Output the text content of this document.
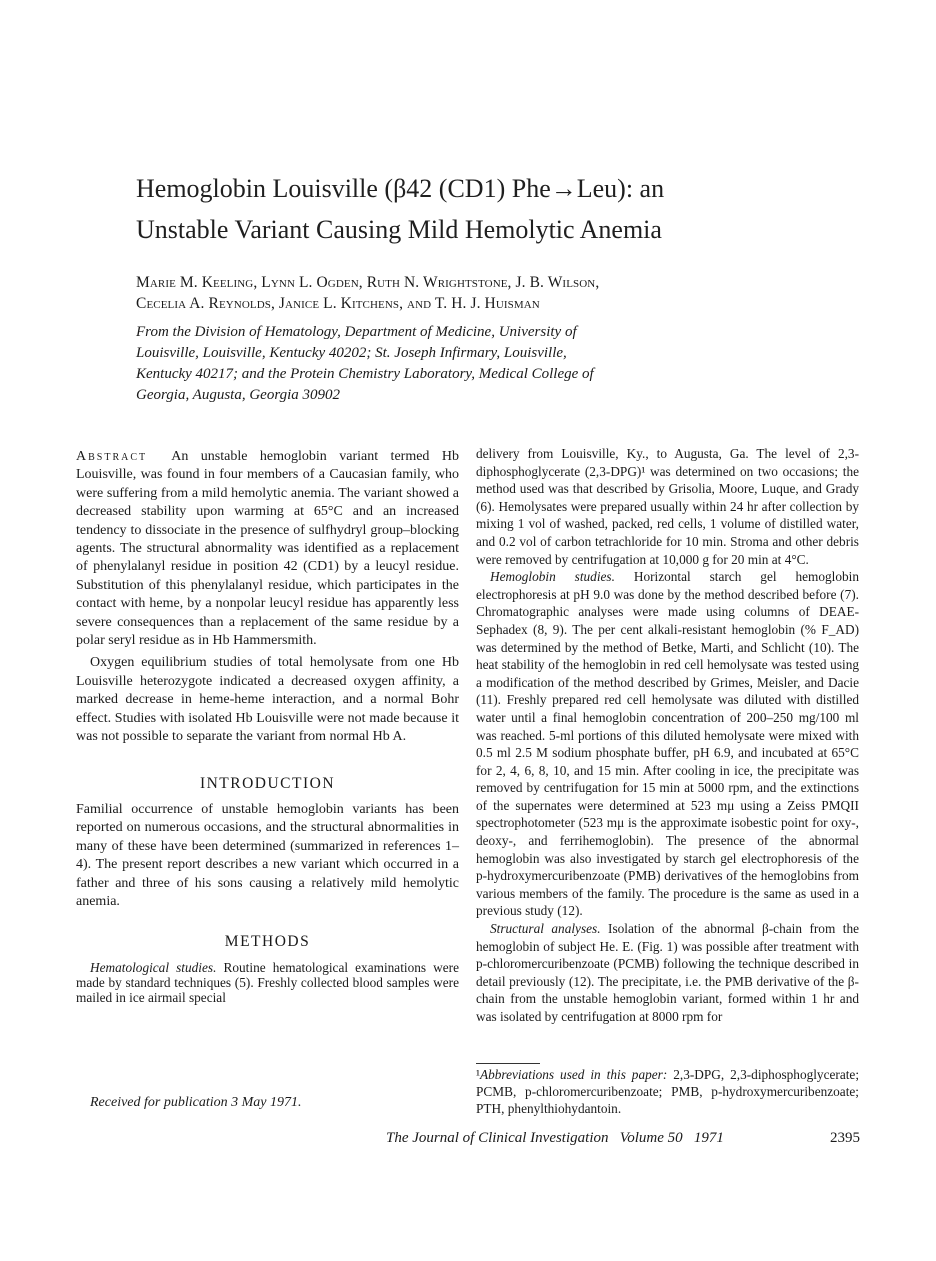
Hemoglobin Louisville (β42 (CD1) Phe→Leu): an
Unstable Variant Causing Mild Hemolytic Anemia
Marie M. Keeling, Lynn L. Ogden, Ruth N. Wrightstone, J. B. Wilson,
Cecelia A. Reynolds, Janice L. Kitchens, and T. H. J. Huisman
From the Division of Hematology, Department of Medicine, University of
Louisville, Louisville, Kentucky 40202; St. Joseph Infirmary, Louisville,
Kentucky 40217; and the Protein Chemistry Laboratory, Medical College of
Georgia, Augusta, Georgia 30902

Abstract An unstable hemoglobin variant termed Hb Louisville, was found in four members of a Caucasian family, who were suffering from a mild hemolytic anemia. The variant showed a decreased stability upon warming at 65°C and an increased tendency to dissociate in the presence of sulfhydryl group–blocking agents. The structural abnormality was identified as a replacement of phenylalanyl residue in position 42 (CD1) by a leucyl residue. Substitution of this phenylalanyl residue, which participates in the contact with heme, by a nonpolar leucyl residue has apparently less severe consequences than a replacement of the same residue by a polar seryl residue as in Hb Hammersmith.

Oxygen equilibrium studies of total hemolysate from one Hb Louisville heterozygote indicated a decreased oxygen affinity, a marked decrease in heme-heme interaction, and a normal Bohr effect. Studies with isolated Hb Louisville were not made because it was not possible to separate the variant from normal Hb A.

INTRODUCTION

Familial occurrence of unstable hemoglobin variants has been reported on numerous occasions, and the structural abnormalities in many of these have been determined (summarized in references 1–4). The present report describes a new variant which occurred in a father and three of his sons causing a relatively mild hemolytic anemia.

METHODS

Hematological studies. Routine hematological examinations were made by standard techniques (5). Freshly collected blood samples were mailed in ice airmail special

Received for publication 3 May 1971.

delivery from Louisville, Ky., to Augusta, Ga. The level of 2,3-diphosphoglycerate (2,3-DPG)¹ was determined on two occasions; the method used was that described by Grisolia, Moore, Luque, and Grady (6). Hemolysates were prepared usually within 24 hr after collection by mixing 1 vol of washed, packed, red cells, 1 volume of distilled water, and 0.2 vol of carbon tetrachloride for 10 min. Stroma and other debris were removed by centrifugation at 10,000 g for 20 min at 4°C.

Hemoglobin studies. Horizontal starch gel hemoglobin electrophoresis at pH 9.0 was done by the method described before (7). Chromatographic analyses were made using columns of DEAE-Sephadex (8, 9). The per cent alkali-resistant hemoglobin (% F_AD) was determined by the method of Betke, Marti, and Schlicht (10). The heat stability of the hemoglobin in red cell hemolysate was tested using a modification of the method described by Grimes, Meisler, and Dacie (11). Freshly prepared red cell hemolysate was diluted with distilled water until a final hemoglobin concentration of 200–250 mg/100 ml was reached. 5-ml portions of this diluted hemolysate were mixed with 0.5 ml 2.5 M sodium phosphate buffer, pH 6.9, and incubated at 65°C for 2, 4, 6, 8, 10, and 15 min. After cooling in ice, the precipitate was removed by centrifugation for 15 min at 5000 rpm, and the extinctions of the supernates were determined at 523 mμ using a Zeiss PMQII spectrophotometer (523 mμ is the approximate isobestic point for oxy-, deoxy-, and ferrihemoglobin). The presence of the abnormal hemoglobin was also investigated by starch gel electrophoresis of the p-hydroxymercuribenzoate (PMB) derivatives of the hemoglobins from various members of the family. The procedure is the same as used in a previous study (12).

Structural analyses. Isolation of the abnormal β-chain from the hemoglobin of subject He. E. (Fig. 1) was possible after treatment with p-chloromercuribenzoate (PCMB) following the technique described in detail previously (12). The precipitate, i.e. the PMB derivative of the β-chain from the unstable hemoglobin variant, formed within 1 hr and was isolated by centrifugation at 8000 rpm for

¹Abbreviations used in this paper: 2,3-DPG, 2,3-diphosphoglycerate; PCMB, p-chloromercuribenzoate; PMB, p-hydroxymercuribenzoate; PTH, phenylthiohydantoin.
The Journal of Clinical Investigation Volume 50 1971	2395
